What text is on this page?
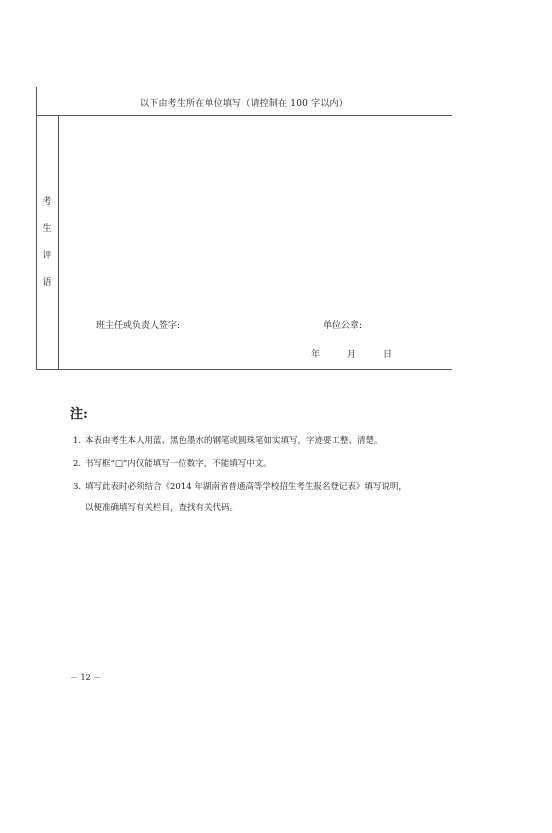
以下由考生所在单位填写（请控制在 100 字以内）
考
生
评
语
班主任或负责人签字:	单位公章:
年	月	日
注:
1. 本表由考生本人用蓝、黑色墨水的钢笔或圆珠笔如实填写，字迹要工整、清楚。
2. 书写框“□”内仅能填写一位数字，不能填写中文。
3. 填写此表时必须结合《2014 年湖南省普通高等学校招生考生报名登记表》填写说明，
以便准确填写有关栏目，查找有关代码。
－ 12 －
